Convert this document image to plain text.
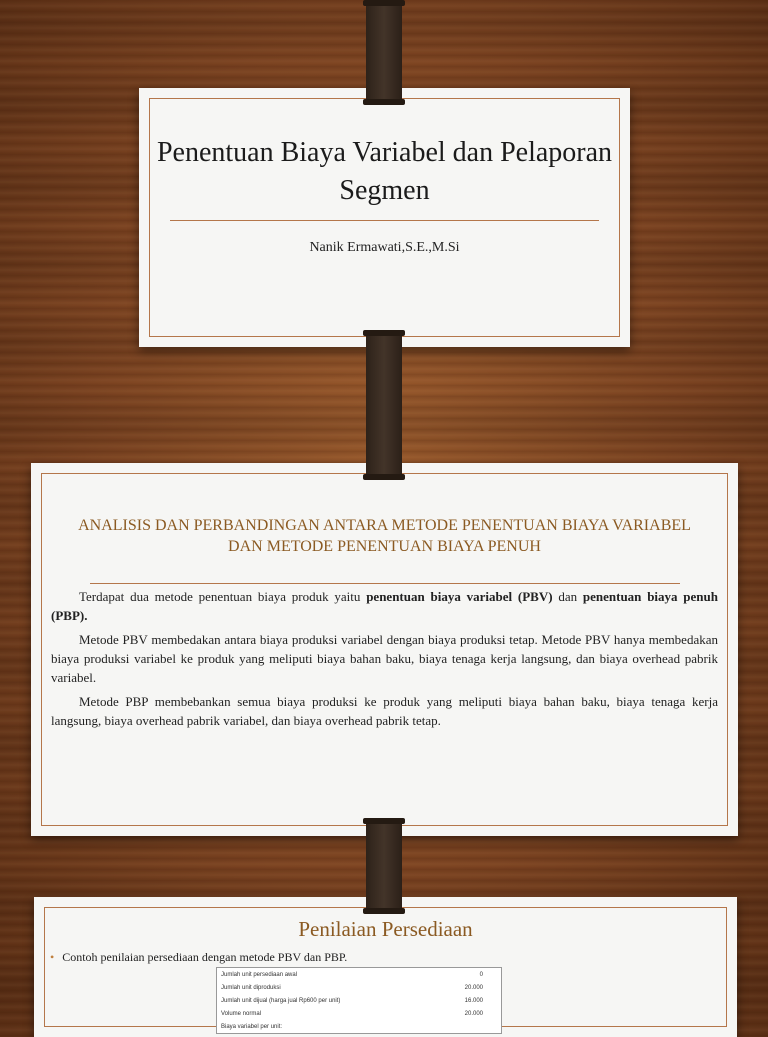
Penentuan Biaya Variabel dan Pelaporan Segmen
Nanik Ermawati,S.E.,M.Si
ANALISIS DAN PERBANDINGAN ANTARA METODE PENENTUAN BIAYA VARIABEL DAN METODE PENENTUAN BIAYA PENUH

Terdapat dua metode penentuan biaya produk yaitu penentuan biaya variabel (PBV) dan penentuan biaya penuh (PBP).

Metode PBV membedakan antara biaya produksi variabel dengan biaya produksi tetap. Metode PBV hanya membedakan biaya produksi variabel ke produk yang meliputi biaya bahan baku, biaya tenaga kerja langsung, dan biaya overhead pabrik variabel.

Metode PBP membebankan semua biaya produksi ke produk yang meliputi biaya bahan baku, biaya tenaga kerja langsung, biaya overhead pabrik variabel, dan biaya overhead pabrik tetap.

Penilaian Persediaan
• Contoh penilaian persediaan dengan metode PBV dan PBP.
Jumlah unit persediaan awal	0
Jumlah unit diproduksi	20.000
Jumlah unit dijual (harga jual Rp600 per unit)	16.000
Volume normal	20.000
Biaya variabel per unit:	
